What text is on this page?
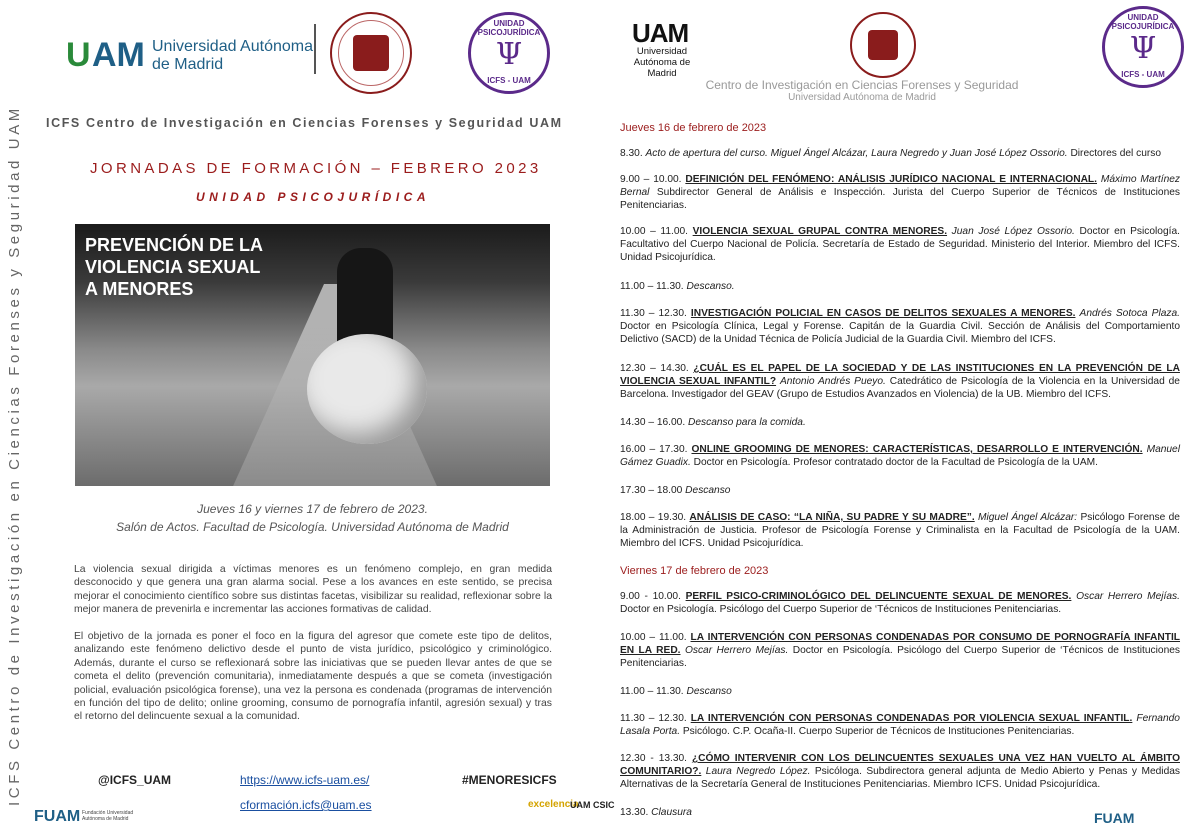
ICFS Centro de Investigación en Ciencias Forenses y Seguridad UAM
U AM Universidad Autónoma
de Madrid
UNIDAD PSICOJURÍDICA
Ψ
ICFS - UAM
ICFS Centro de Investigación en Ciencias Forenses y Seguridad UAM
JORNADAS DE FORMACIÓN – FEBRERO 2023
UNIDAD PSICOJURÍDICA
PREVENCIÓN DE LA
VIOLENCIA SEXUAL
A MENORES
Jueves 16 y viernes 17 de febrero de 2023.
Salón de Actos. Facultad de Psicología. Universidad Autónoma de Madrid
La violencia sexual dirigida a víctimas menores es un fenómeno complejo, en gran medida desconocido y que genera una gran alarma social. Pese a los avances en este sentido, se precisa mejorar el conocimiento científico sobre sus distintas facetas, visibilizar su realidad, reflexionar sobre la mejor manera de prevenirla e incrementar las acciones formativas de calidad.
El objetivo de la jornada es poner el foco en la figura del agresor que comete este tipo de delitos, analizando este fenómeno delictivo desde el punto de vista jurídico, psicológico y criminológico. Además, durante el curso se reflexionará sobre las iniciativas que se pueden llevar antes de que se cometa el delito (prevención comunitaria), inmediatamente después a que se cometa (investigación policial, evaluación psicológica forense), una vez la persona es condenada (programas de intervención en función del tipo de delito; online grooming, consumo de pornografía infantil, agresión sexual) y tras el retorno del delincuente sexual a la comunidad.
@ICFS_UAM	https://www.icfs-uam.es/	#MENORESICFS
cformación.icfs@uam.es
FUAM Fundación Universidad Autónoma de Madrid
excelencia
UAM CSIC
UAM
Universidad Autónoma de Madrid
UNIDAD PSICOJURÍDICA
Ψ
ICFS - UAM
Centro de Investigación en Ciencias Forenses y Seguridad
Universidad Autónoma de Madrid
Jueves 16 de febrero de 2023
8.30. Acto de apertura del curso. Miguel Ángel Alcázar, Laura Negredo y Juan José López Ossorio. Directores del curso
9.00 – 10.00. DEFINICIÓN DEL FENÓMENO: ANÁLISIS JURÍDICO NACIONAL E INTERNACIONAL. Máximo Martínez Bernal Subdirector General de Análisis e Inspección. Jurista del Cuerpo Superior de Técnicos de Instituciones Penitenciarias.
10.00 – 11.00. VIOLENCIA SEXUAL GRUPAL CONTRA MENORES. Juan José López Ossorio. Doctor en Psicología. Facultativo del Cuerpo Nacional de Policía. Secretaría de Estado de Seguridad. Ministerio del Interior. Miembro del ICFS. Unidad Psicojurídica.
11.00 – 11.30. Descanso.
11.30 – 12.30. INVESTIGACIÓN POLICIAL EN CASOS DE DELITOS SEXUALES A MENORES. Andrés Sotoca Plaza. Doctor en Psicología Clínica, Legal y Forense. Capitán de la Guardia Civil. Sección de Análisis del Comportamiento Delictivo (SACD) de la Unidad Técnica de Policía Judicial de la Guardia Civil. Miembro del ICFS.
12.30 – 14.30. ¿CUÁL ES EL PAPEL DE LA SOCIEDAD Y DE LAS INSTITUCIONES EN LA PREVENCIÓN DE LA VIOLENCIA SEXUAL INFANTIL? Antonio Andrés Pueyo. Catedrático de Psicología de la Violencia en la Universidad de Barcelona. Investigador del GEAV (Grupo de Estudios Avanzados en Violencia) de la UB. Miembro del ICFS.
14.30 – 16.00. Descanso para la comida.
16.00 – 17.30. ONLINE GROOMING DE MENORES: CARACTERÍSTICAS, DESARROLLO E INTERVENCIÓN. Manuel Gámez Guadix. Doctor en Psicología. Profesor contratado doctor de la Facultad de Psicología de la UAM.
17.30 – 18.00 Descanso
18.00 – 19.30. ANÁLISIS DE CASO: “LA NIÑA, SU PADRE Y SU MADRE”. Miguel Ángel Alcázar: Psicólogo Forense de la Administración de Justicia. Profesor de Psicología Forense y Criminalista en la Facultad de Psicología de la UAM. Miembro del ICFS. Unidad Psicojurídica.
Viernes 17 de febrero de 2023
9.00 - 10.00. PERFIL PSICO-CRIMINOLÓGICO DEL DELINCUENTE SEXUAL DE MENORES. Oscar Herrero Mejías. Doctor en Psicología. Psicólogo del Cuerpo Superior de ‘Técnicos de Instituciones Penitenciarias.
10.00 – 11.00. LA INTERVENCIÓN CON PERSONAS CONDENADAS POR CONSUMO DE PORNOGRAFÍA INFANTIL EN LA RED. Oscar Herrero Mejías. Doctor en Psicología. Psicólogo del Cuerpo Superior de ‘Técnicos de Instituciones Penitenciarias.
11.00 – 11.30. Descanso
11.30 – 12.30. LA INTERVENCIÓN CON PERSONAS CONDENADAS POR VIOLENCIA SEXUAL INFANTIL. Fernando Lasala Porta. Psicólogo. C.P. Ocaña-II. Cuerpo Superior de Técnicos de Instituciones Penitenciarias.
12.30 - 13.30. ¿CÓMO INTERVENIR CON LOS DELINCUENTES SEXUALES UNA VEZ HAN VUELTO AL ÁMBITO COMUNITARIO?. Laura Negredo López. Psicóloga. Subdirectora general adjunta de Medio Abierto y Penas y Medidas Alternativas de la Secretaría General de Instituciones Penitenciarias. Miembro ICFS. Unidad Psicojurídica.
13.30. Clausura	FUAM
